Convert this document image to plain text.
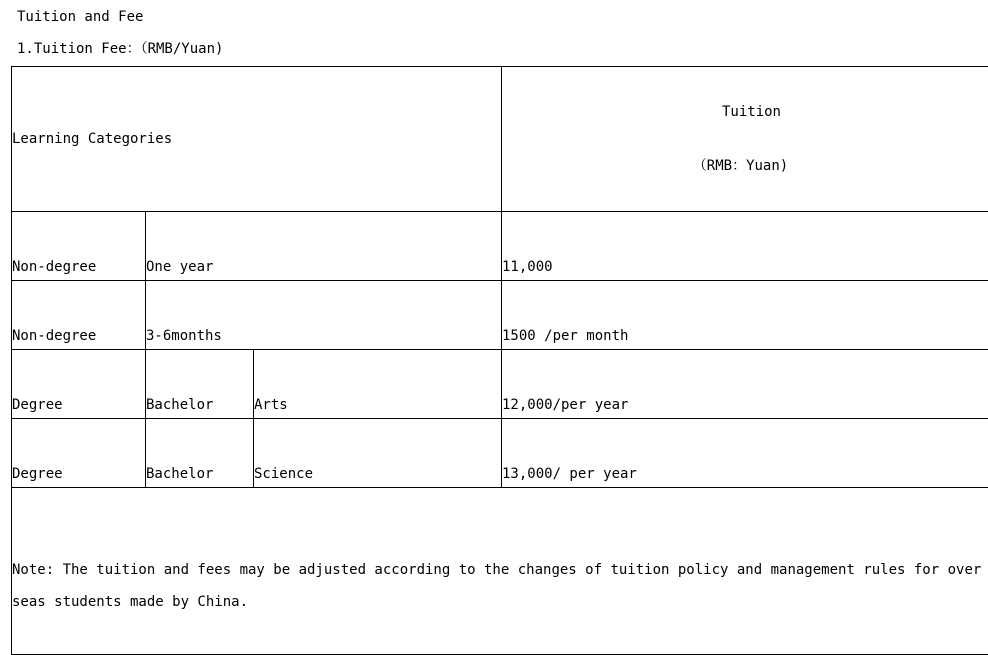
Tuition and Fee
1.Tuition Fee：（RMB/Yuan)
Learning Categories			Tuition

（RMB：Yuan)

Non-degree	One year		11,000
Non-degree	3-6months		1500 /per month
Degree	Bachelor	Arts	12,000/per year
Degree	Bachelor	Science	13,000/ per year

Note: The tuition and fees may be adjusted according to the changes of tuition policy and management rules for overseas students made by China.			
